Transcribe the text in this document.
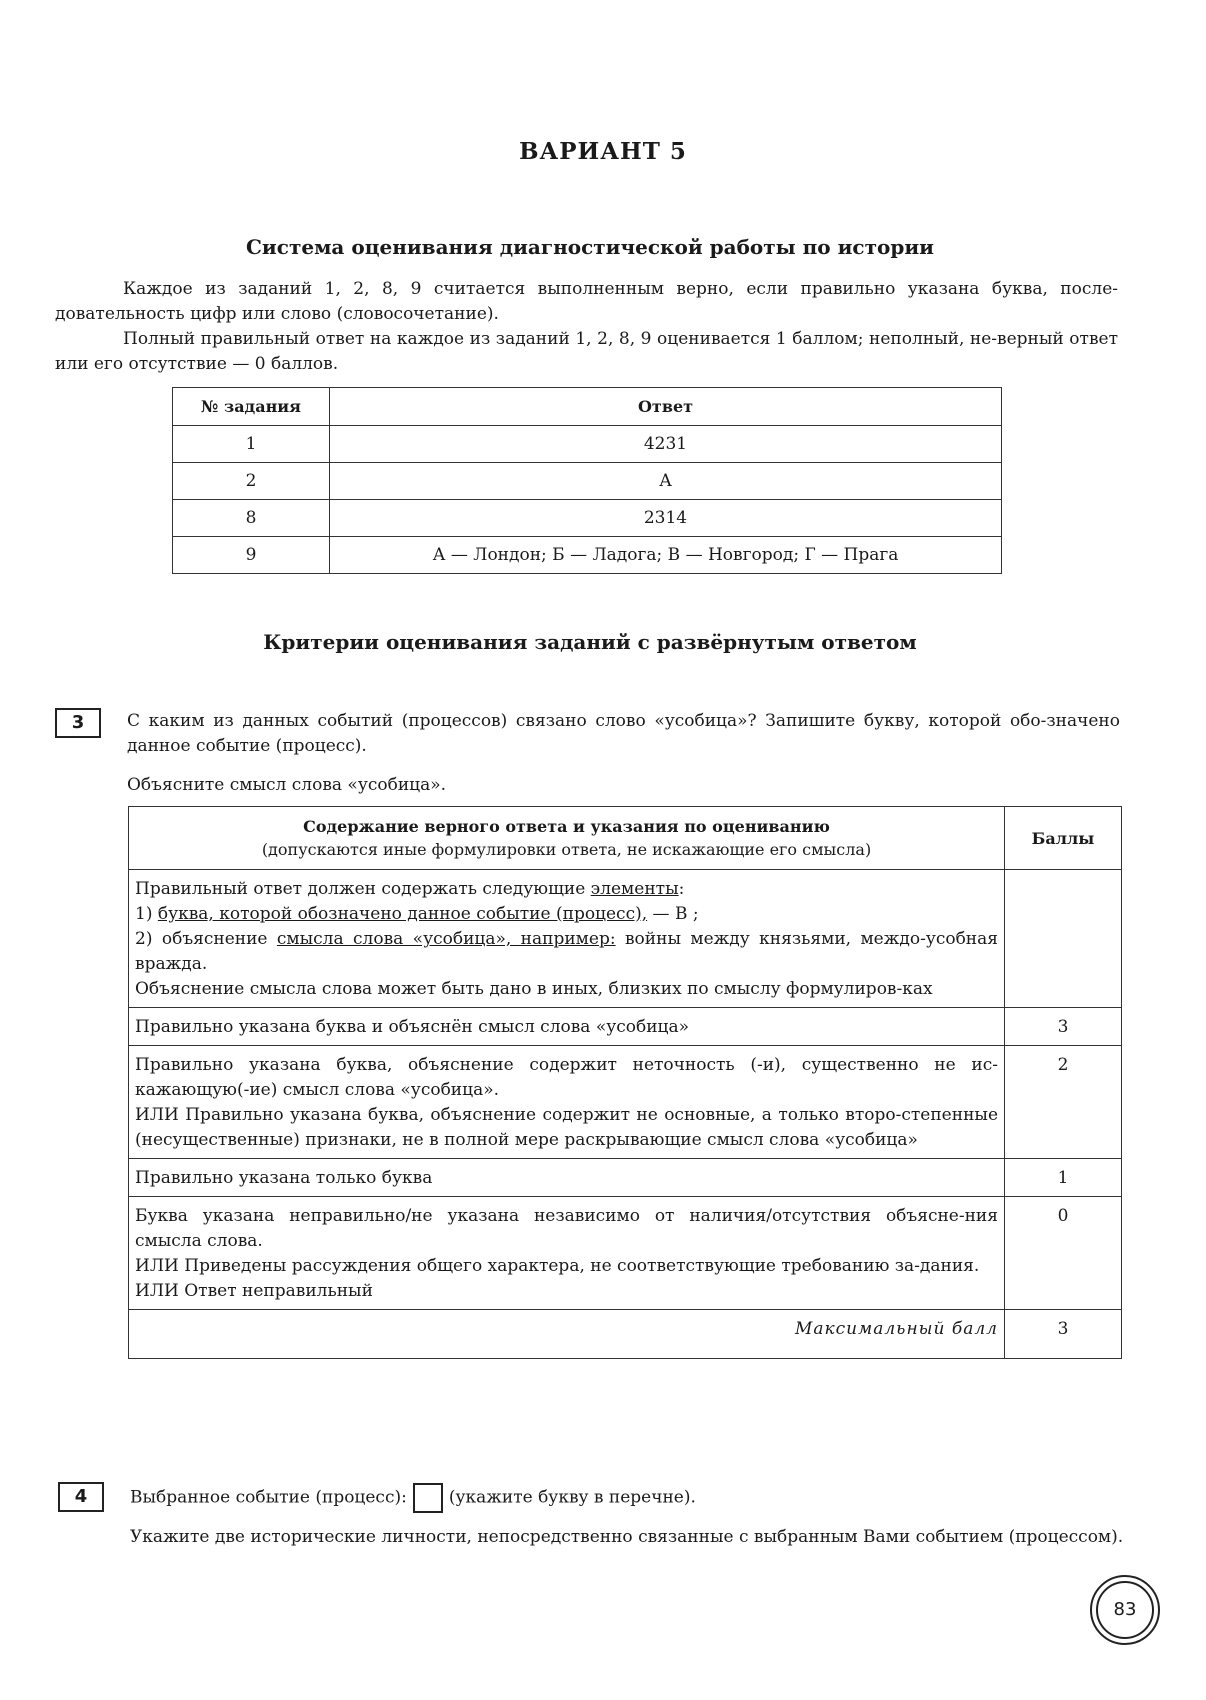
ВАРИАНТ 5
Система оценивания диагностической работы по истории
Каждое из заданий 1, 2, 8, 9 считается выполненным верно, если правильно указана буква, после-довательность цифр или слово (словосочетание).
Полный правильный ответ на каждое из заданий 1, 2, 8, 9 оценивается 1 баллом; неполный, не-верный ответ или его отсутствие — 0 баллов.
№ задания	Ответ
1	4231
2	А
8	2314
9	А — Лондон; Б — Ладога; В — Новгород; Г — Прага
Критерии оценивания заданий с развёрнутым ответом
3	С каким из данных событий (процессов) связано слово «усобица»? Запишите букву, которой обо-значено данное событие (процесс).
Объясните смысл слова «усобица».
Содержание верного ответа и указания по оцениванию
(допускаются иные формулировки ответа, не искажающие его смысла)	Баллы

Правильный ответ должен содержать следующие элементы:
1) буква, которой обозначено данное событие (процесс), — В ;
2) объяснение смысла слова «усобица», например: войны между князьями, междо-усобная вражда.
Объяснение смысла слова может быть дано в иных, близких по смыслу формулиров-ках	

Правильно указана буква и объяснён смысл слова «усобица»	3

Правильно указана буква, объяснение содержит неточность (-и), существенно не ис-кажающую(-ие) смысл слова «усобица».
ИЛИ Правильно указана буква, объяснение содержит не основные, а только второ-степенные (несущественные) признаки, не в полной мере раскрывающие смысл слова «усобица»	2
Правильно указана только буква	1

Буква указана неправильно/не указана независимо от наличия/отсутствия объясне-ния смысла слова.
ИЛИ Приведены рассуждения общего характера, не соответствующие требованию за-дания.
ИЛИ Ответ неправильный	0
Максимальный балл	3
4	Выбранное событие (процесс): (укажите букву в перечне).
Укажите две исторические личности, непосредственно связанные с выбранным Вами событием (процессом).
83
